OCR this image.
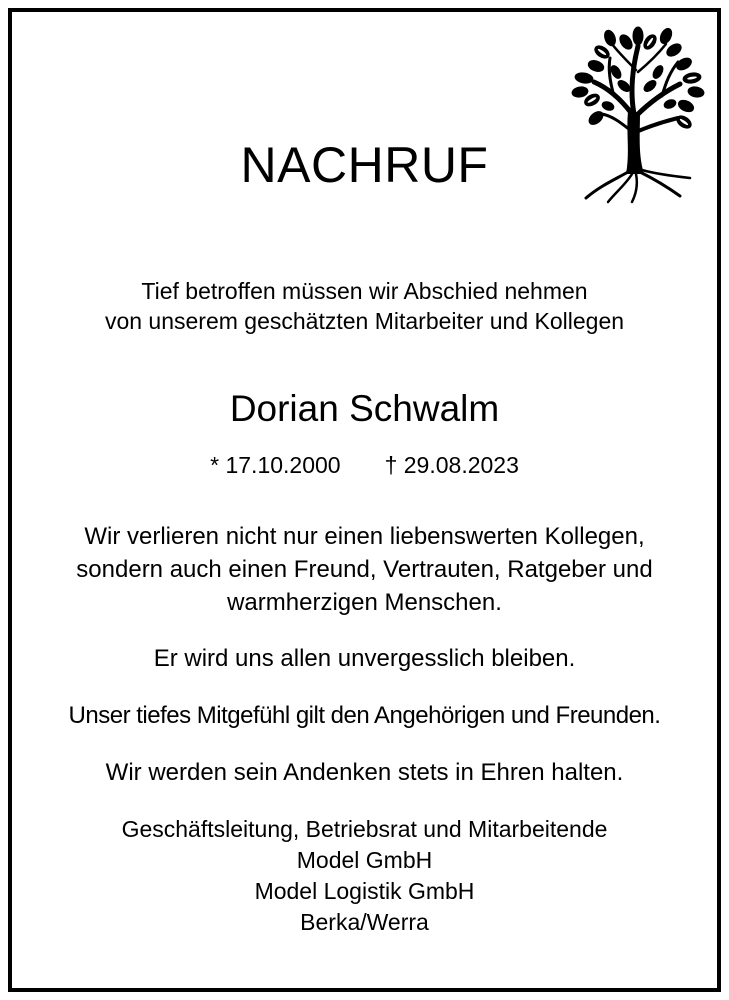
NACHRUF
Tief betroffen müssen wir Abschied nehmen
von unserem geschätzten Mitarbeiter und Kollegen
Dorian Schwalm
* 17.10.2000 † 29.08.2023
Wir verlieren nicht nur einen liebenswerten Kollegen,
sondern auch einen Freund, Vertrauten, Ratgeber und
warmherzigen Menschen.
Er wird uns allen unvergesslich bleiben.
Unser tiefes Mitgefühl gilt den Angehörigen und Freunden.
Wir werden sein Andenken stets in Ehren halten.
Geschäftsleitung, Betriebsrat und Mitarbeitende
Model GmbH
Model Logistik GmbH
Berka/Werra
